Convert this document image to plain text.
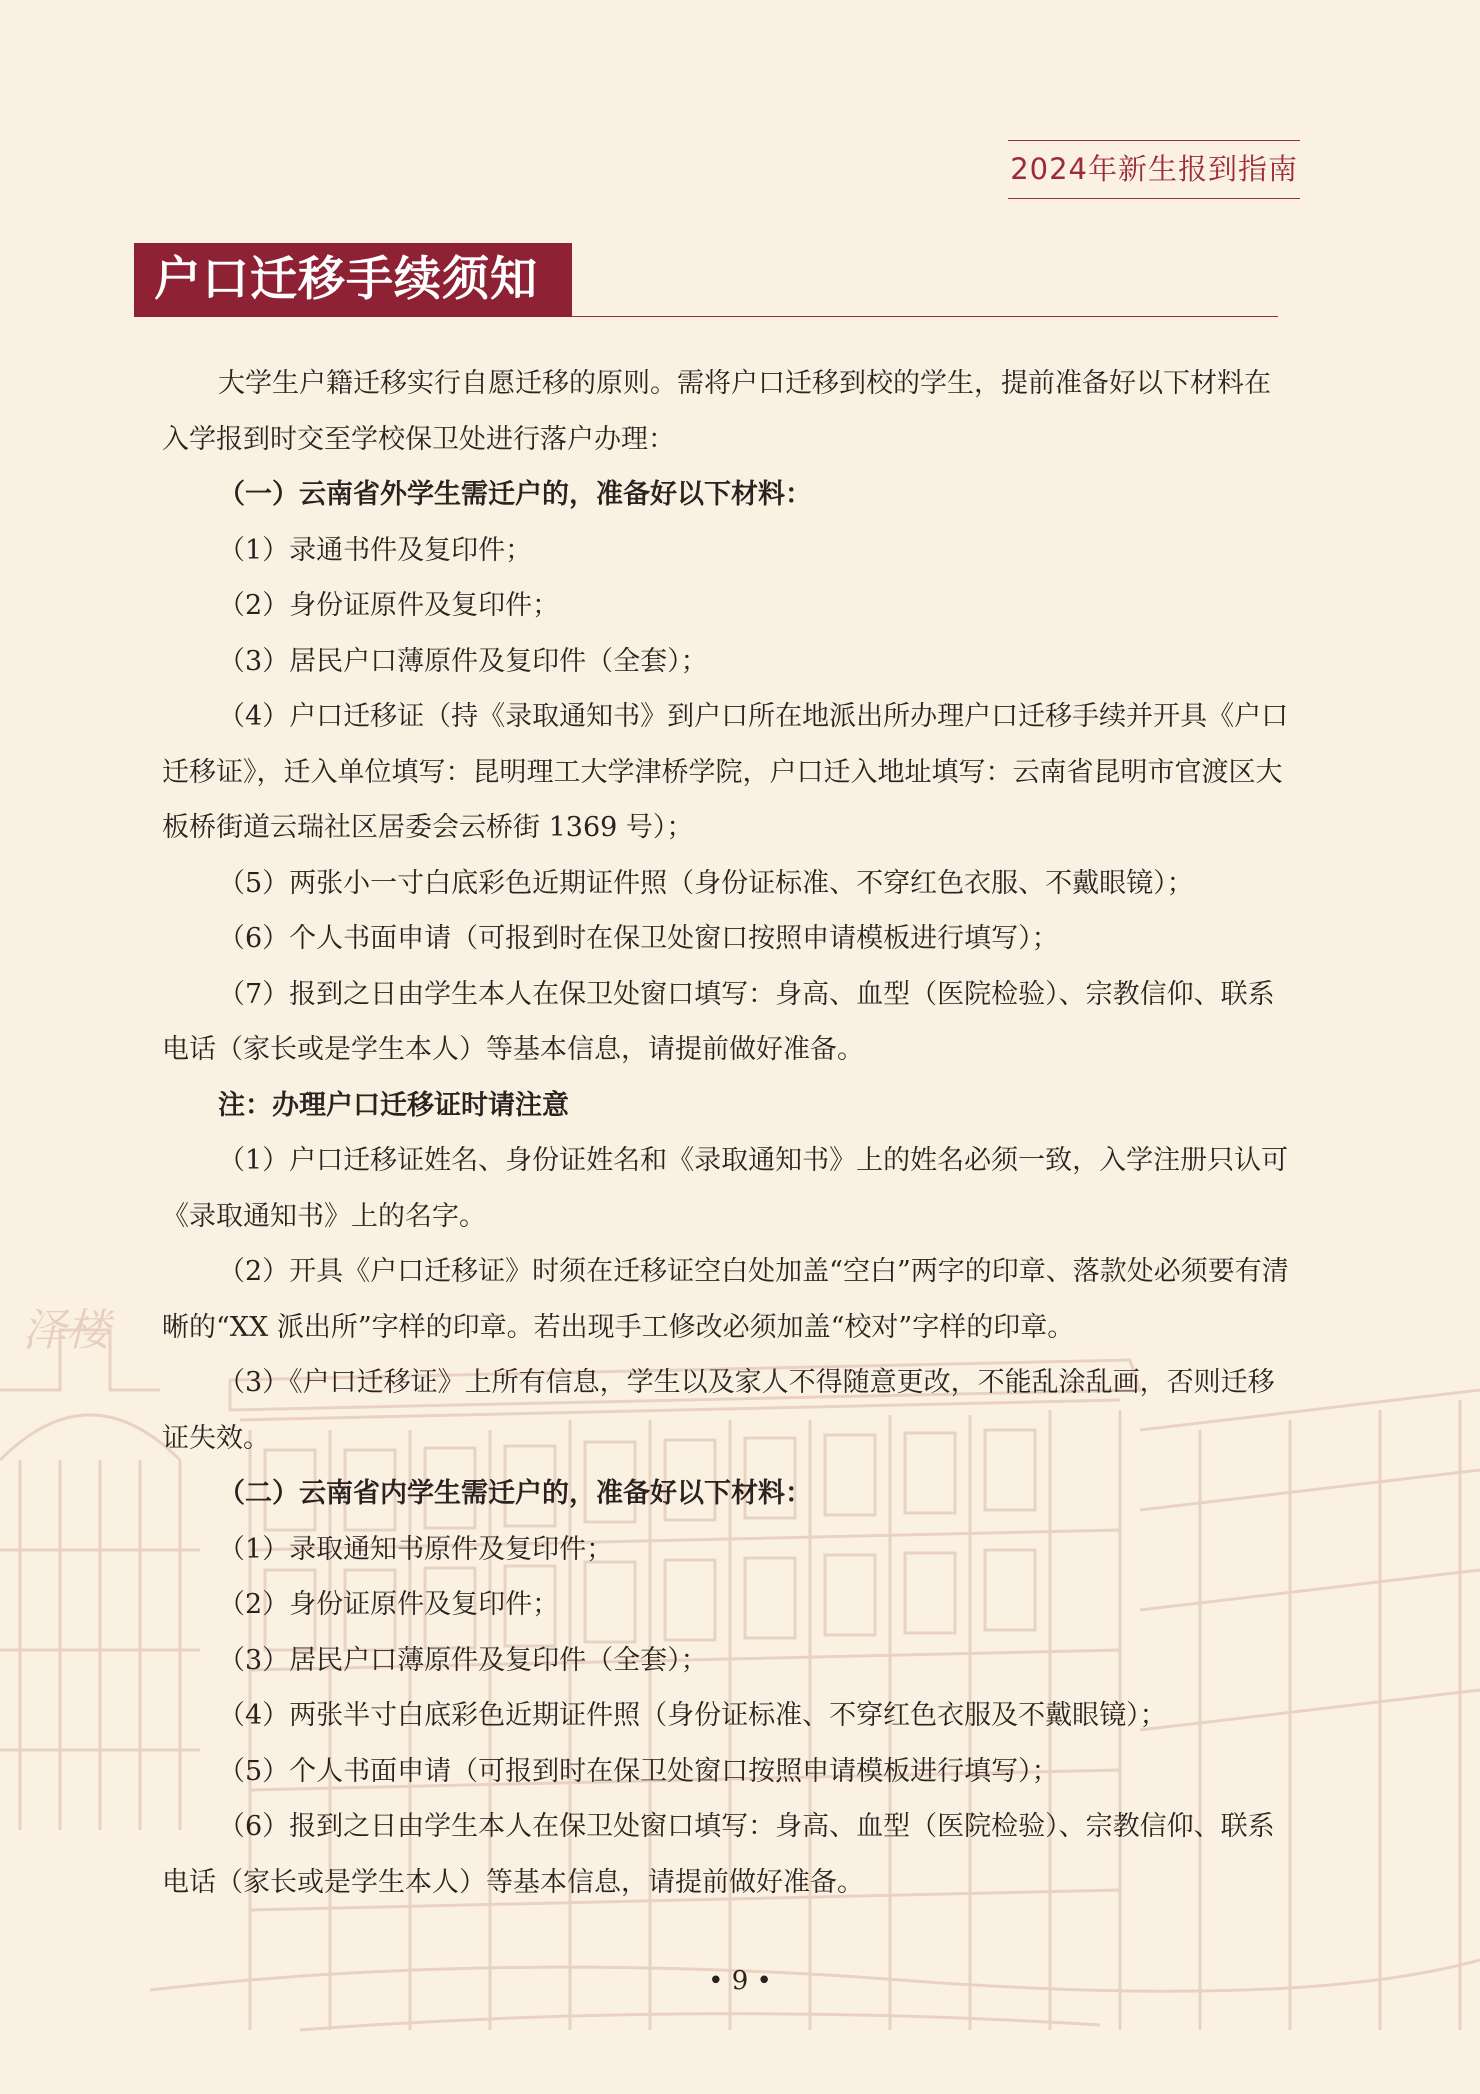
泽楼
2024年新生报到指南
户口迁移手续须知

大学生户籍迁移实行自愿迁移的原则。需将户口迁移到校的学生，提前准备好以下材料在入学报到时交至学校保卫处进行落户办理：

（一）云南省外学生需迁户的，准备好以下材料：

（1）录通书件及复印件；

（2）身份证原件及复印件；

（3）居民户口薄原件及复印件（全套）；

（4）户口迁移证（持《录取通知书》到户口所在地派出所办理户口迁移手续并开具《户口迁移证》，迁入单位填写：昆明理工大学津桥学院，户口迁入地址填写：云南省昆明市官渡区大板桥街道云瑞社区居委会云桥街 1369 号）；

（5）两张小一寸白底彩色近期证件照（身份证标准、不穿红色衣服、不戴眼镜）；

（6）个人书面申请（可报到时在保卫处窗口按照申请模板进行填写）；

（7）报到之日由学生本人在保卫处窗口填写：身高、血型（医院检验）、宗教信仰、联系电话（家长或是学生本人）等基本信息，请提前做好准备。

注：办理户口迁移证时请注意

（1）户口迁移证姓名、身份证姓名和《录取通知书》上的姓名必须一致，入学注册只认可《录取通知书》上的名字。

（2）开具《户口迁移证》时须在迁移证空白处加盖“空白”两字的印章、落款处必须要有清晰的“XX 派出所”字样的印章。若出现手工修改必须加盖“校对”字样的印章。

（3）《户口迁移证》上所有信息，学生以及家人不得随意更改，不能乱涂乱画，否则迁移证失效。

（二）云南省内学生需迁户的，准备好以下材料：

（1）录取通知书原件及复印件；

（2）身份证原件及复印件；

（3）居民户口薄原件及复印件（全套）；

（4）两张半寸白底彩色近期证件照（身份证标准、不穿红色衣服及不戴眼镜）；

（5）个人书面申请（可报到时在保卫处窗口按照申请模板进行填写）；

（6）报到之日由学生本人在保卫处窗口填写：身高、血型（医院检验）、宗教信仰、联系电话（家长或是学生本人）等基本信息，请提前做好准备。

• 9 •
